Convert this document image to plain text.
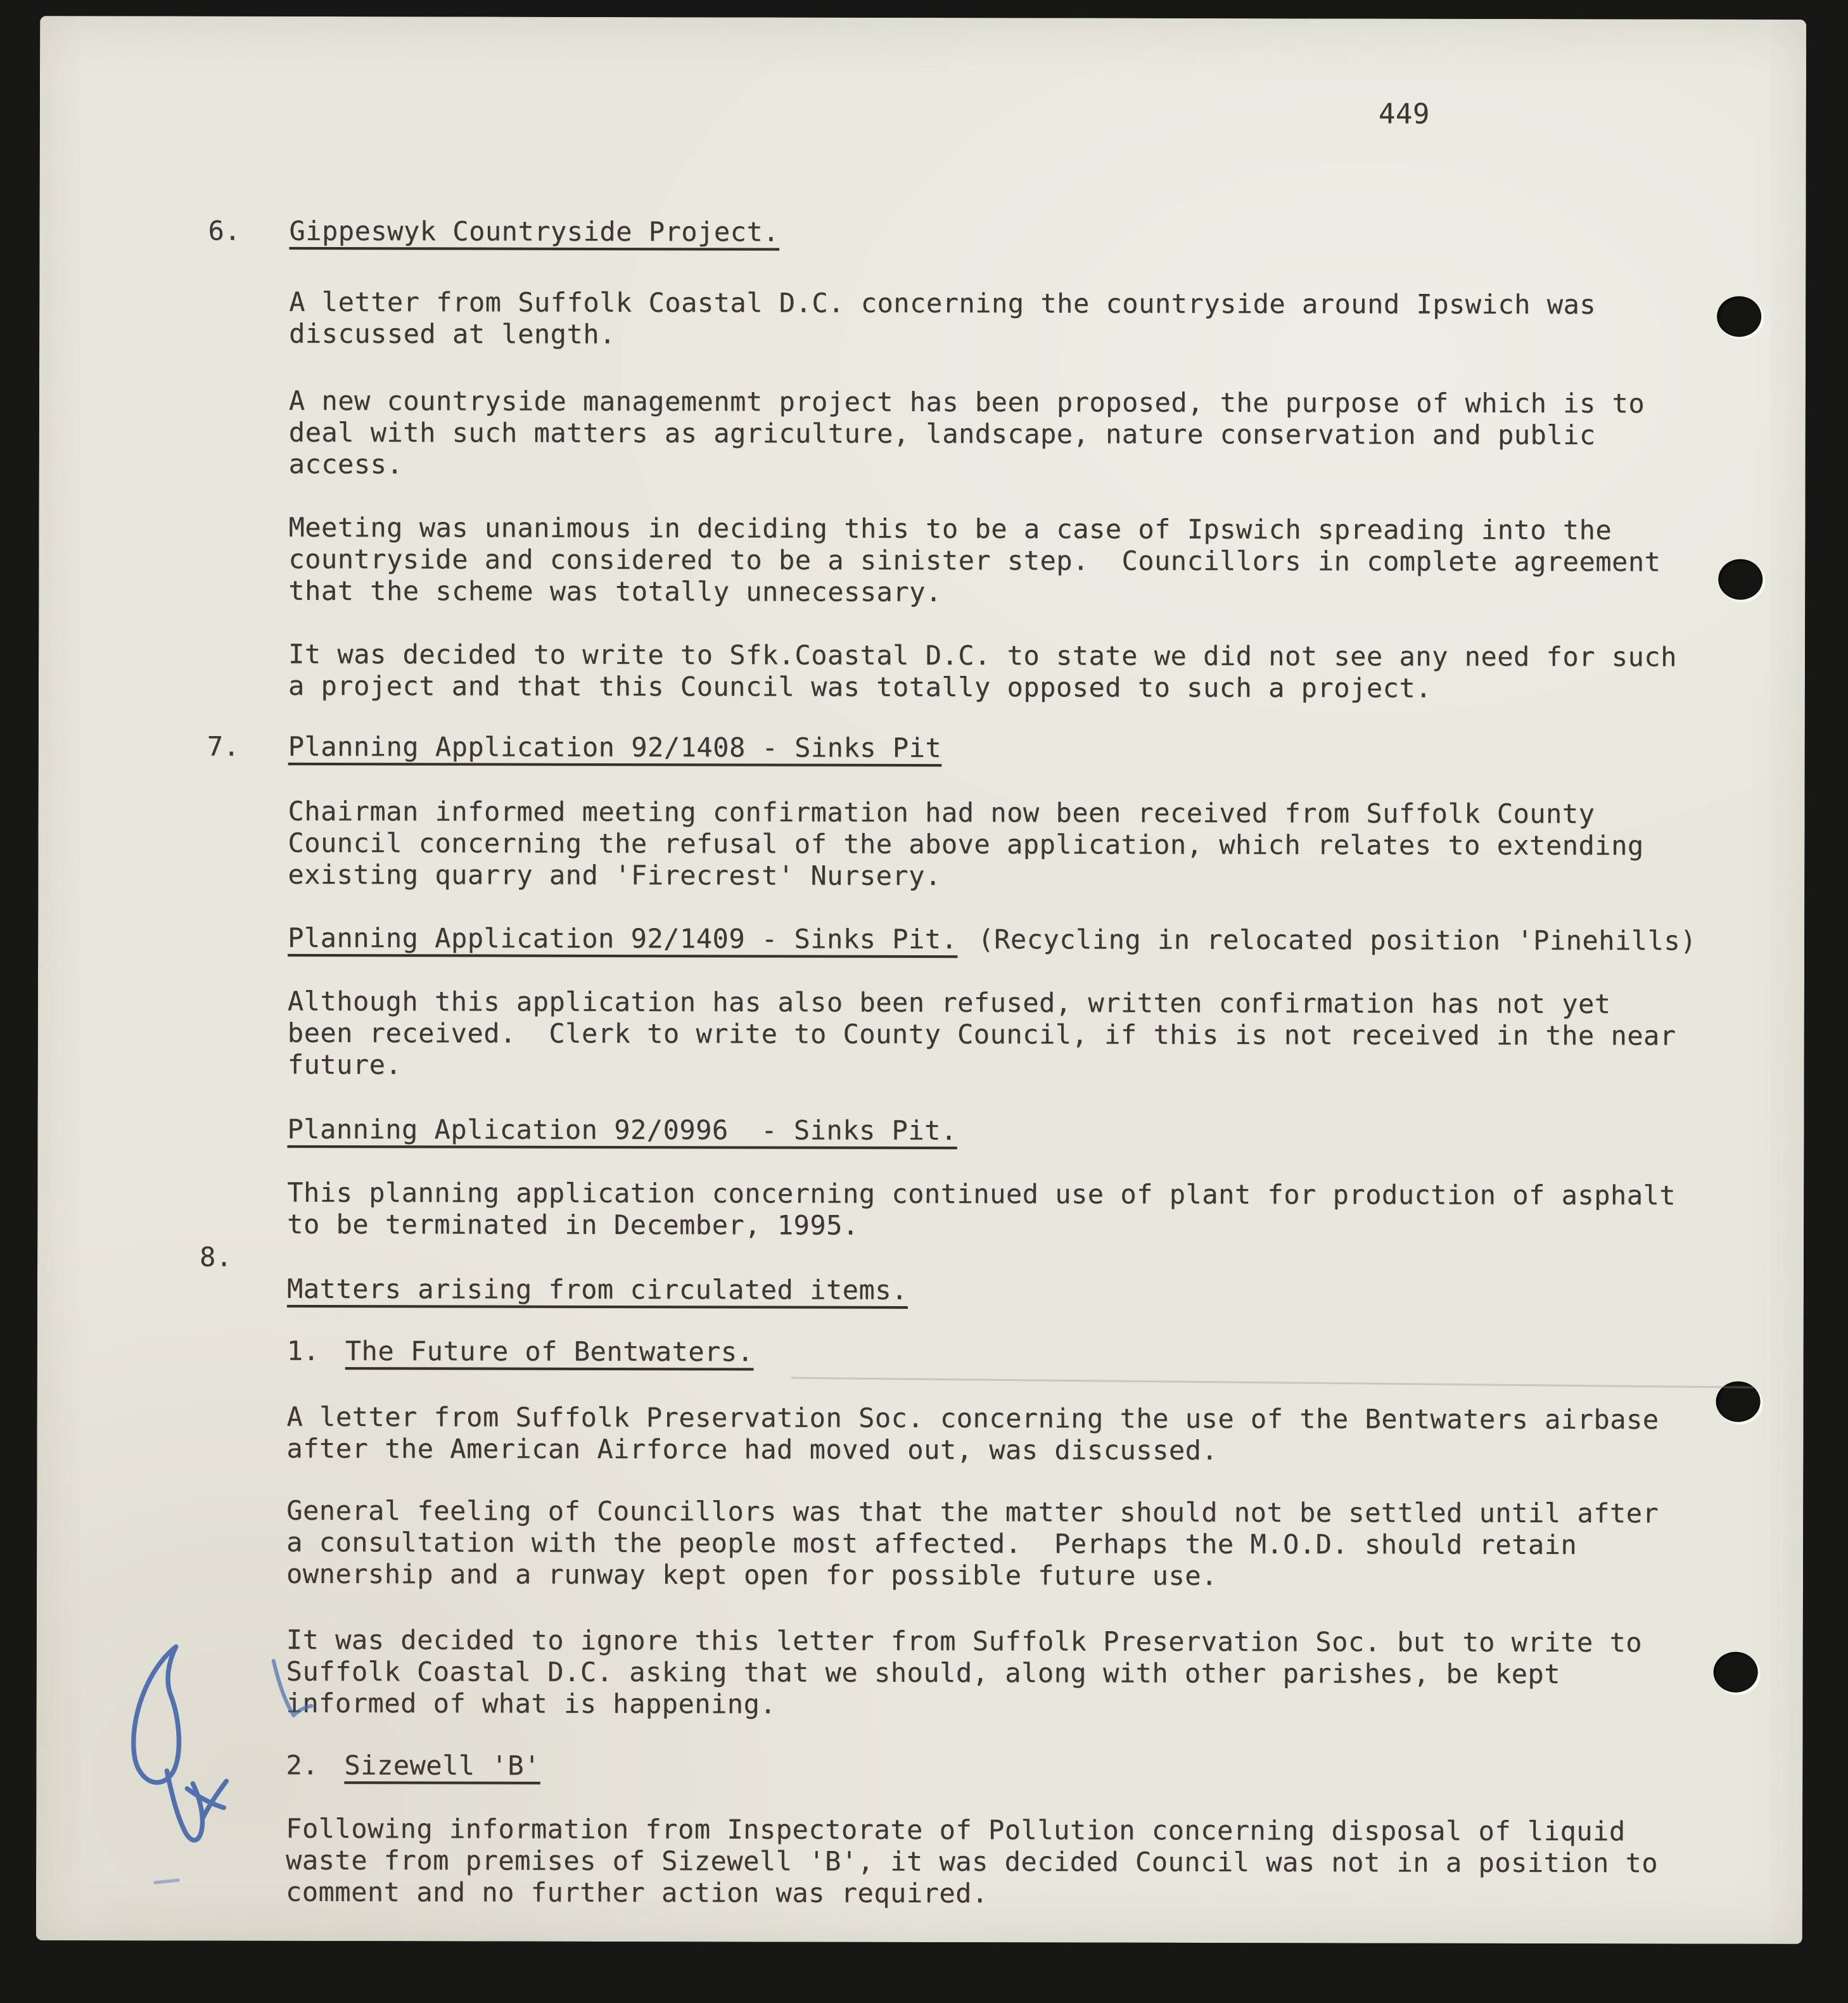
449
6.	Gippeswyk Countryside Project.
A letter from Suffolk Coastal D.C. concerning the countryside around Ipswich was
discussed at length.
A new countryside managemenmt project has been proposed, the purpose of which is to
deal with such matters as agriculture, landscape, nature conservation and public
access.
Meeting was unanimous in deciding this to be a case of Ipswich spreading into the
countryside and considered to be a sinister step.  Councillors in complete agreement
that the scheme was totally unnecessary.
It was decided to write to Sfk.Coastal D.C. to state we did not see any need for such
a project and that this Council was totally opposed to such a project.
7.	Planning Application 92/1408 - Sinks Pit
Chairman informed meeting confirmation had now been received from Suffolk County
Council concerning the refusal of the above application, which relates to extending
existing quarry and 'Firecrest' Nursery.
Planning Application 92/1409 - Sinks Pit. (Recycling in relocated position 'Pinehills)
Although this application has also been refused, written confirmation has not yet
been received.  Clerk to write to County Council, if this is not received in the near
future.
Planning Aplication 92/0996  - Sinks Pit.
This planning application concerning continued use of plant for production of asphalt
to be terminated in December, 1995.
8.
Matters arising from circulated items.
1. The Future of Bentwaters.
A letter from Suffolk Preservation Soc. concerning the use of the Bentwaters airbase
after the American Airforce had moved out, was discussed.
General feeling of Councillors was that the matter should not be settled until after
a consultation with the people most affected.  Perhaps the M.O.D. should retain
ownership and a runway kept open for possible future use.
It was decided to ignore this letter from Suffolk Preservation Soc. but to write to
Suffolk Coastal D.C. asking that we should, along with other parishes, be kept
informed of what is happening.
2. Sizewell 'B'
Following information from Inspectorate of Pollution concerning disposal of liquid
waste from premises of Sizewell 'B', it was decided Council was not in a position to
comment and no further action was required.
